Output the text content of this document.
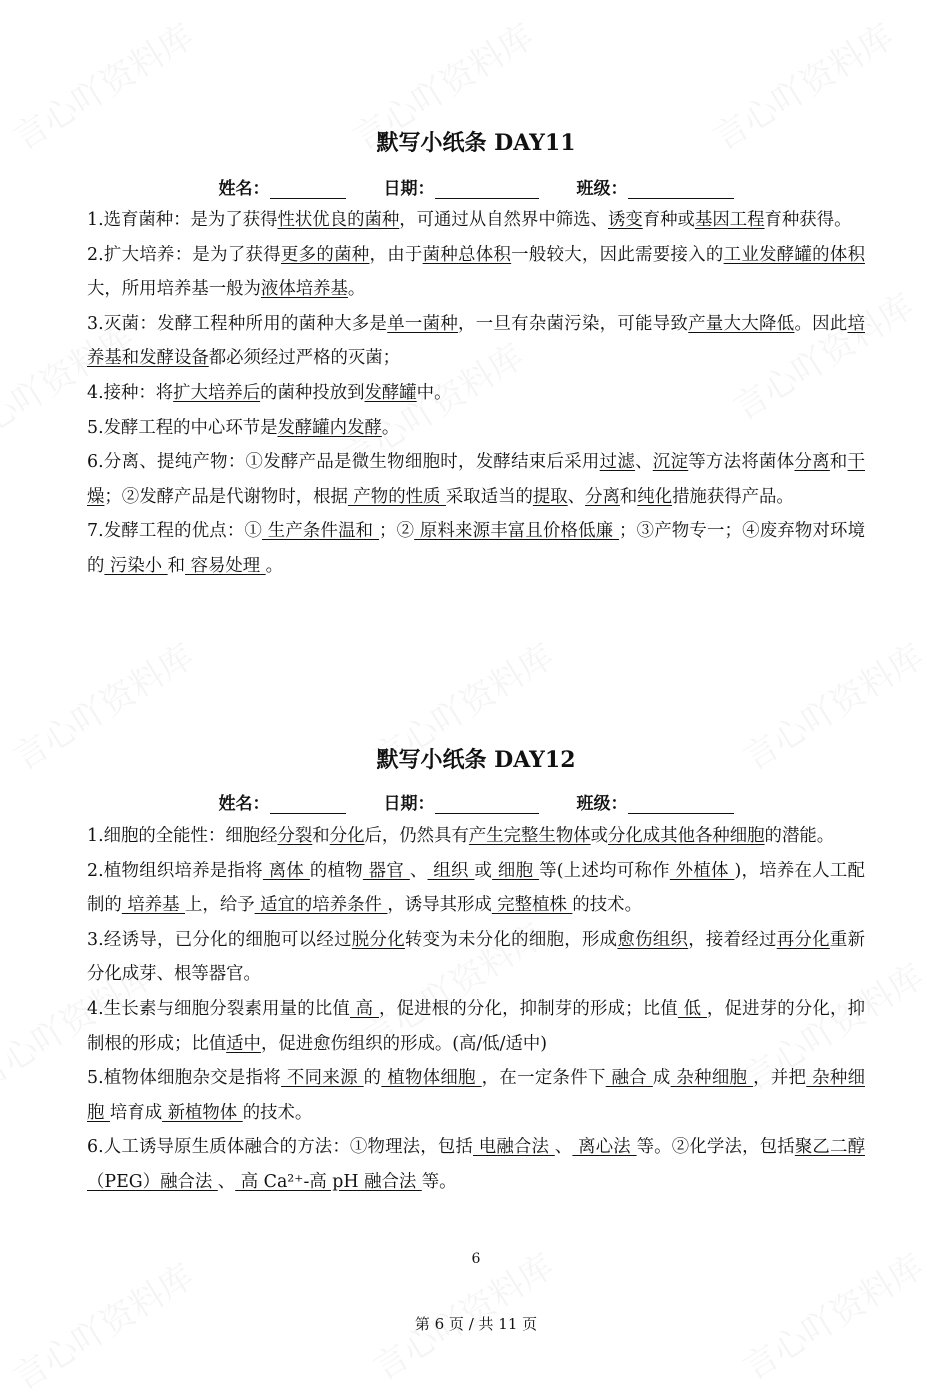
默写小纸条 DAY11
姓名：	日期：	班级：

1.选育菌种：是为了获得性状优良的菌种，可通过从自然界中筛选、诱变育种或基因工程育种获得。

2.扩大培养：是为了获得更多的菌种，由于菌种总体积一般较大，因此需要接入的工业发酵罐的体积大，所用培养基一般为液体培养基。

3.灭菌：发酵工程种所用的菌种大多是单一菌种，一旦有杂菌污染，可能导致产量大大降低。因此培养基和发酵设备都必须经过严格的灭菌；

4.接种：将扩大培养后的菌种投放到发酵罐中。

5.发酵工程的中心环节是发酵罐内发酵。

6.分离、提纯产物：①发酵产品是微生物细胞时，发酵结束后采用过滤、沉淀等方法将菌体分离和干燥；②发酵产品是代谢物时，根据 产物的性质 采取适当的提取、分离和纯化措施获得产品。

7.发酵工程的优点：① 生产条件温和 ；② 原料来源丰富且价格低廉 ；③产物专一；④废弃物对环境的 污染小 和 容易处理 。

默写小纸条 DAY12
姓名：	日期：	班级：

1.细胞的全能性：细胞经分裂和分化后，仍然具有产生完整生物体或分化成其他各种细胞的潜能。

2.植物组织培养是指将 离体 的植物 器官 、 组织 或 细胞 等(上述均可称作 外植体 )，培养在人工配制的 培养基 上，给予 适宜的培养条件 ，诱导其形成 完整植株 的技术。

3.经诱导，已分化的细胞可以经过脱分化转变为未分化的细胞，形成愈伤组织，接着经过再分化重新分化成芽、根等器官。

4.生长素与细胞分裂素用量的比值 高 ，促进根的分化，抑制芽的形成；比值 低 ，促进芽的分化，抑制根的形成；比值适中，促进愈伤组织的形成。(高/低/适中)

5.植物体细胞杂交是指将 不同来源 的 植物体细胞 ，在一定条件下 融合 成 杂种细胞 ，并把 杂种细胞 培育成 新植物体 的技术。

6.人工诱导原生质体融合的方法：①物理法，包括 电融合法 、 离心法 等。②化学法，包括聚乙二醇（PEG）融合法 、 高 Ca²⁺-高 pH 融合法 等。

6
第 6 页 / 共 11 页
